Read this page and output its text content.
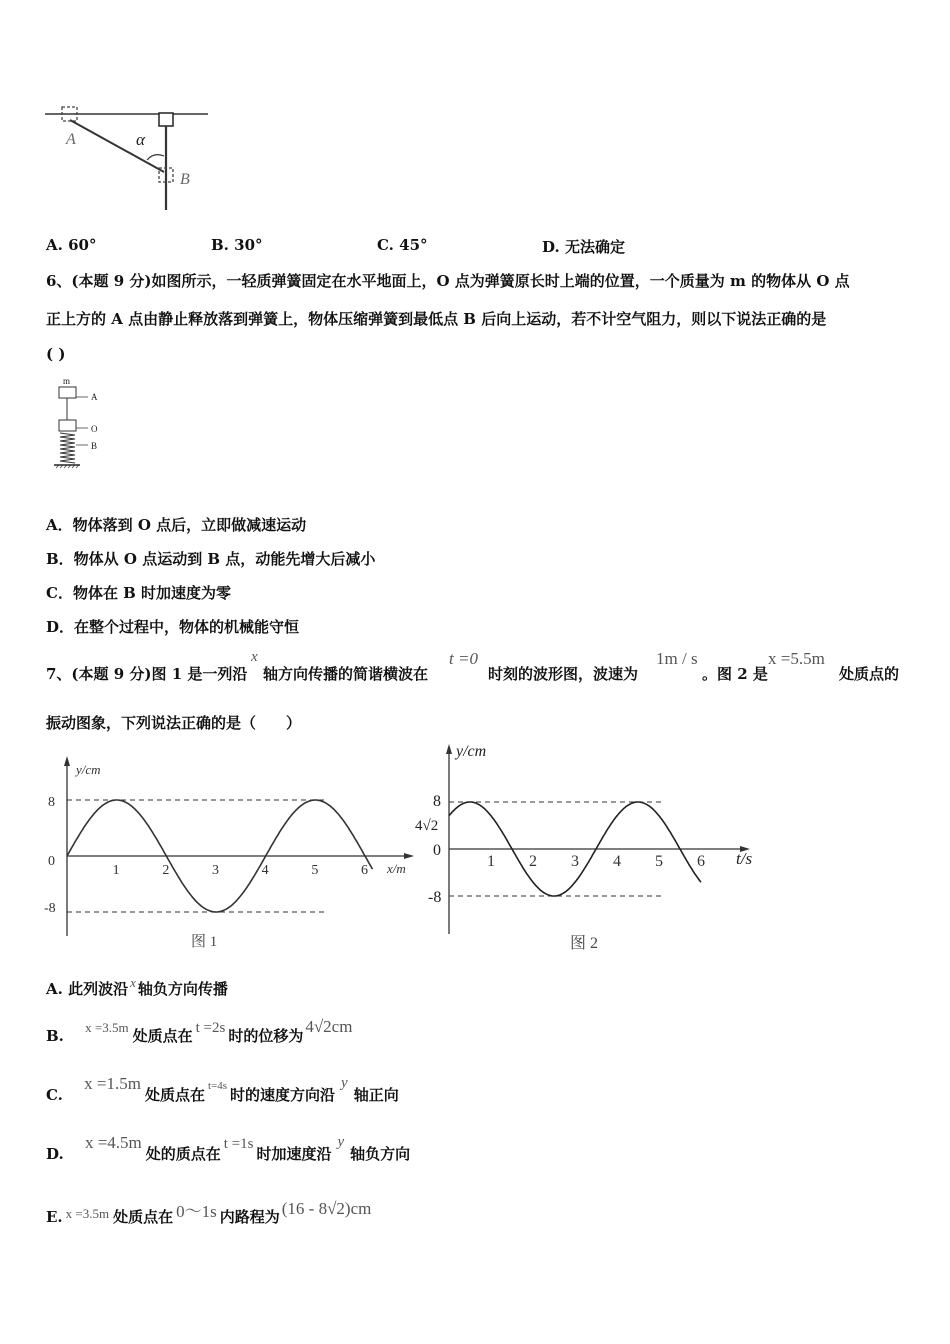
A	α
B
A. 60°	B. 30°	C. 45°	D. 无法确定
6、(本题 9 分)如图所示，一轻质弹簧固定在水平地面上，O 点为弹簧原长时上端的位置，一个质量为 m 的物体从 O 点
正上方的 A 点由静止释放落到弹簧上，物体压缩弹簧到最低点 B 后向上运动，若不计空气阻力，则以下说法正确的是
( )
m
A
O
B
A．物体落到 O 点后，立即做减速运动
B．物体从 O 点运动到 B 点，动能先增大后减小
C．物体在 B 时加速度为零
D．在整个过程中，物体的机械能守恒
7、(本题 9 分)图 1 是一列沿
x
轴方向传播的简谐横波在
t =0
时刻的波形图，波速为
1m / s
。图 2 是
x =5.5m
处质点的
振动图象，下列说法正确的是（　　）
y/cm
x/m
8
0
-8
1	2	3	4	5	6
图 1
y/cm
t/s
8
4√2
0
-8
1 2 3 4 5 6
图 2
A. 此列波沿 x 轴负方向传播
B. x =3.5m 处质点在 t =2s 时的位移为 4√2cm
C. x =1.5m处质点在 $^{t=4s}$ 时的速度方向沿y轴正向
D. x =4.5m处的质点在t =1s时加速度沿y轴负方向
E. x =3.5m 处质点在 0～1s 内路程为 (16 - 8√2)cm
